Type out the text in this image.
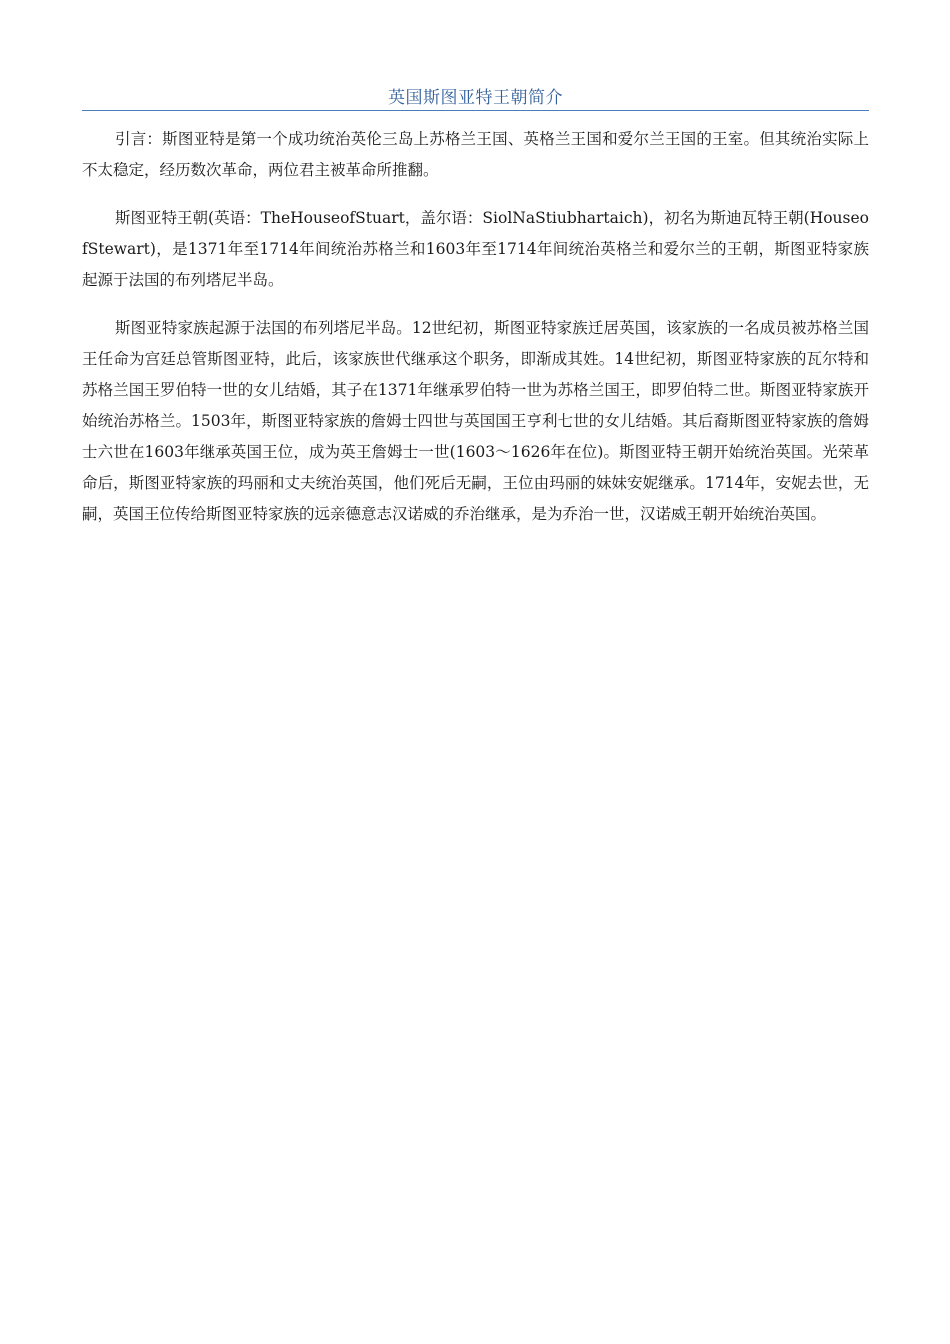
英国斯图亚特王朝简介

引言：斯图亚特是第一个成功统治英伦三岛上苏格兰王国、英格兰王国和爱尔兰王国的王室。但其统治实际上不太稳定，经历数次革命，两位君主被革命所推翻。

斯图亚特王朝(英语：TheHouseofStuart，盖尔语：SiolNaStiubhartaich)，初名为斯迪瓦特王朝(HouseofStewart)，是1371年至1714年间统治苏格兰和1603年至1714年间统治英格兰和爱尔兰的王朝，斯图亚特家族起源于法国的布列塔尼半岛。

斯图亚特家族起源于法国的布列塔尼半岛。12世纪初，斯图亚特家族迁居英国，该家族的一名成员被苏格兰国王任命为宫廷总管斯图亚特，此后，该家族世代继承这个职务，即渐成其姓。14世纪初，斯图亚特家族的瓦尔特和苏格兰国王罗伯特一世的女儿结婚，其子在1371年继承罗伯特一世为苏格兰国王，即罗伯特二世。斯图亚特家族开始统治苏格兰。1503年，斯图亚特家族的詹姆士四世与英国国王亨利七世的女儿结婚。其后裔斯图亚特家族的詹姆士六世在1603年继承英国王位，成为英王詹姆士一世(1603～1626年在位)。斯图亚特王朝开始统治英国。光荣革命后，斯图亚特家族的玛丽和丈夫统治英国，他们死后无嗣，王位由玛丽的妹妹安妮继承。1714年，安妮去世，无嗣，英国王位传给斯图亚特家族的远亲德意志汉诺威的乔治继承，是为乔治一世，汉诺威王朝开始统治英国。
